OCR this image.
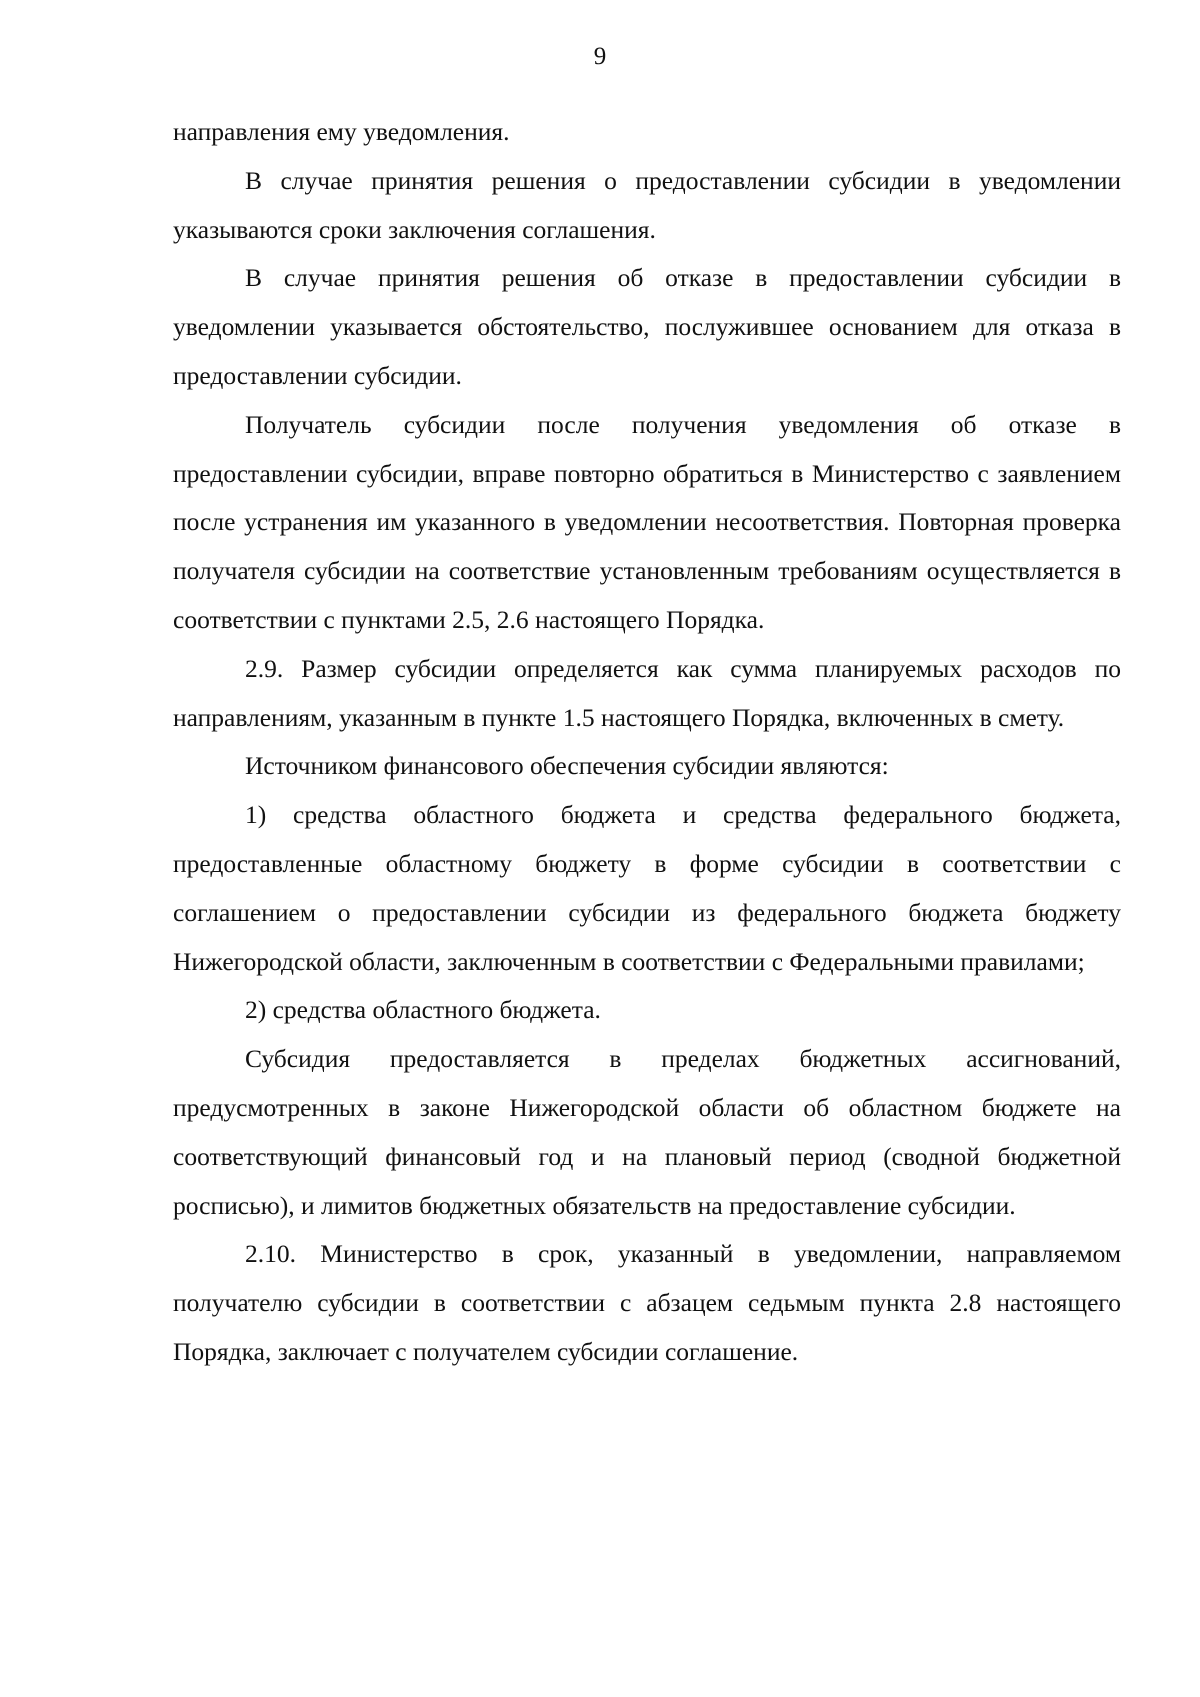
9

направления ему уведомления.

В случае принятия решения о предоставлении субсидии в уведомлении указываются сроки заключения соглашения.

В случае принятия решения об отказе в предоставлении субсидии в уведомлении указывается обстоятельство, послужившее основанием для отказа в предоставлении субсидии.

Получатель субсидии после получения уведомления об отказе в предоставлении субсидии, вправе повторно обратиться в Министерство с заявлением после устранения им указанного в уведомлении несоответствия. Повторная проверка получателя субсидии на соответствие установленным требованиям осуществляется в соответствии с пунктами 2.5, 2.6 настоящего Порядка.

2.9. Размер субсидии определяется как сумма планируемых расходов по направлениям, указанным в пункте 1.5 настоящего Порядка, включенных в смету.

Источником финансового обеспечения субсидии являются:

1) средства областного бюджета и средства федерального бюджета, предоставленные областному бюджету в форме субсидии в соответствии с соглашением о предоставлении субсидии из федерального бюджета бюджету Нижегородской области, заключенным в соответствии с Федеральными правилами;

2) средства областного бюджета.

Субсидия предоставляется в пределах бюджетных ассигнований, предусмотренных в законе Нижегородской области об областном бюджете на соответствующий финансовый год и на плановый период (сводной бюджетной росписью), и лимитов бюджетных обязательств на предоставление субсидии.

2.10. Министерство в срок, указанный в уведомлении, направляемом получателю субсидии в соответствии с абзацем седьмым пункта 2.8 настоящего Порядка, заключает с получателем субсидии соглашение.
